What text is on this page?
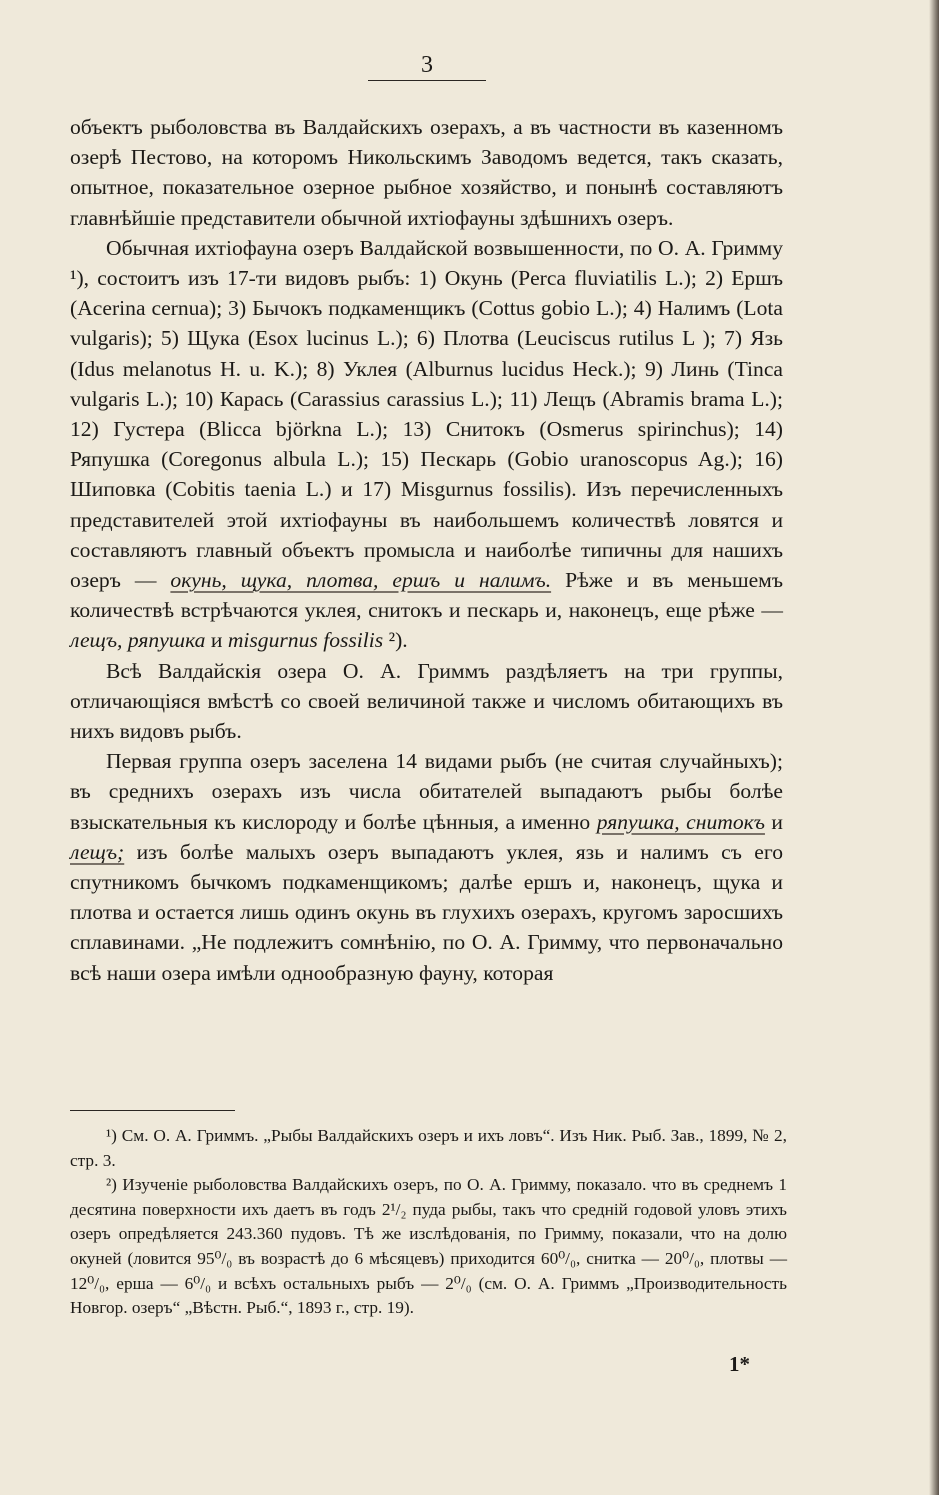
3

объектъ рыболовства въ Валдайскихъ озерахъ, а въ частности въ казенномъ озерѣ Пестово, на которомъ Никольскимъ Заводомъ ведется, такъ сказать, опытное, показательное озерное рыбное хозяйство, и понынѣ составляютъ главнѣйшіе представители обычной ихтіофауны здѣшнихъ озеръ.

Обычная ихтіофауна озеръ Валдайской возвышенности, по О. А. Гримму ¹), состоитъ изъ 17-ти видовъ рыбъ: 1) Окунь (Perca fluviatilis L.); 2) Ершъ (Acerina cernua); 3) Бычокъ подкаменщикъ (Cottus gobio L.); 4) Налимъ (Lota vulgaris); 5) Щука (Esox lucinus L.); 6) Плотва (Leuciscus rutilus L ); 7) Язь (Idus melanotus H. u. K.); 8) Уклея (Alburnus lucidus Heck.); 9) Линь (Tinca vulgaris L.); 10) Карась (Carassius carassius L.); 11) Лещъ (Abramis brama L.); 12) Густера (Blicca björkna L.); 13) Снитокъ (Osmerus spirinchus); 14) Ряпушка (Coregonus albula L.); 15) Пескарь (Gobio uranoscopus Ag.); 16) Шиповка (Cobitis taenia L.) и 17) Misgurnus fossilis). Изъ перечисленныхъ представителей этой ихтіофауны въ наибольшемъ количествѣ ловятся и составляютъ главный объектъ промысла и наиболѣе типичны для нашихъ озеръ — окунь, щука, плотва, ершъ и налимъ. Рѣже и въ меньшемъ количествѣ встрѣчаются уклея, снитокъ и пескарь и, наконецъ, еще рѣже — лещъ, ряпушка и misgurnus fossilis ²).

Всѣ Валдайскія озера О. А. Гриммъ раздѣляетъ на три группы, отличающіяся вмѣстѣ со своей величиной также и числомъ обитающихъ въ нихъ видовъ рыбъ.

Первая группа озеръ заселена 14 видами рыбъ (не считая случайныхъ); въ среднихъ озерахъ изъ числа обитателей выпадаютъ рыбы болѣе взыскательныя къ кислороду и болѣе цѣнныя, а именно ряпушка, снитокъ и лещъ; изъ болѣе малыхъ озеръ выпадаютъ уклея, язь и налимъ съ его спутникомъ бычкомъ подкаменщикомъ; далѣе ершъ и, наконецъ, щука и плотва и остается лишь одинъ окунь въ глухихъ озерахъ, кругомъ заросшихъ сплавинами. „Не подлежитъ сомнѣнію, по О. А. Гримму, что первоначально всѣ наши озера имѣли однообразную фауну, которая

¹) См. О. А. Гриммъ. „Рыбы Валдайскихъ озеръ и ихъ ловъ“. Изъ Ник. Рыб. Зав., 1899, № 2, стр. 3.

²) Изученіе рыболовства Валдайскихъ озеръ, по О. А. Гримму, показало. что въ среднемъ 1 десятина поверхности ихъ даетъ въ годъ 2¹/₂ пуда рыбы, такъ что средній годовой уловъ этихъ озеръ опредѣляется 243.360 пудовъ. Тѣ же изслѣдованія, по Гримму, показали, что на долю окуней (ловится 95⁰/₀ въ возрастѣ до 6 мѣсяцевъ) приходится 60⁰/₀, снитка — 20⁰/₀, плотвы — 12⁰/₀, ерша — 6⁰/₀ и всѣхъ остальныхъ рыбъ — 2⁰/₀ (см. О. А. Гриммъ „Производительность Новгор. озеръ“ „Вѣстн. Рыб.“, 1893 г., стр. 19).

1*
